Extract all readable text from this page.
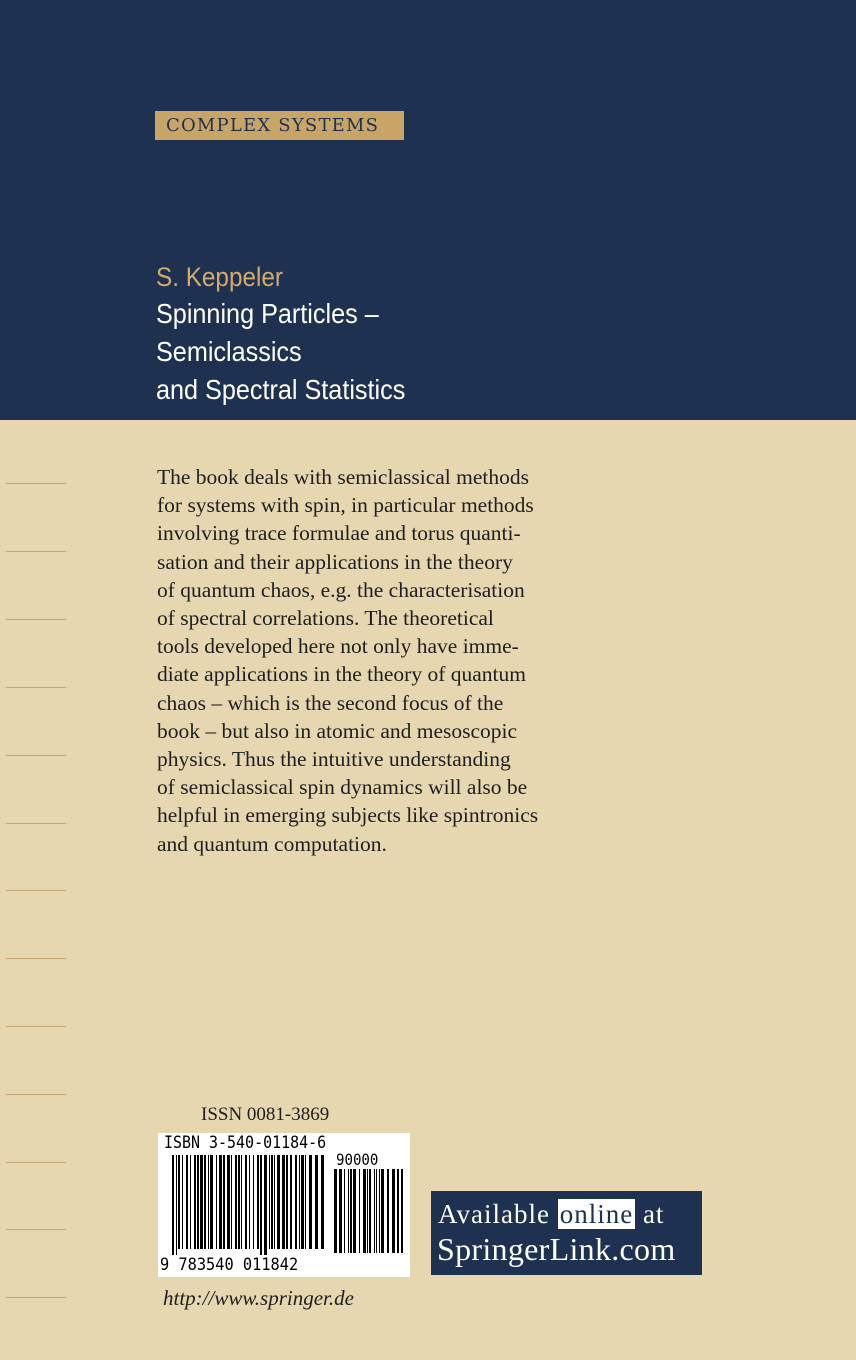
COMPLEX SYSTEMS
S. Keppeler
Spinning Particles –
Semiclassics
and Spectral Statistics

The book deals with semiclassical methods
for systems with spin, in particular methods
involving trace formulae and torus quanti-
sation and their applications in the theory
of quantum chaos, e.g. the characterisation
of spectral correlations. The theoretical
tools developed here not only have imme-
diate applications in the theory of quantum
chaos – which is the second focus of the
book – but also in atomic and mesoscopic
physics. Thus the intuitive understanding
of semiclassical spin dynamics will also be
helpful in emerging subjects like spintronics
and quantum computation.

ISSN 0081-3869
ISBN 3-540-01184-6
90000
9 783540 011842
Available online at
SpringerLink.com
http://www.springer.de
